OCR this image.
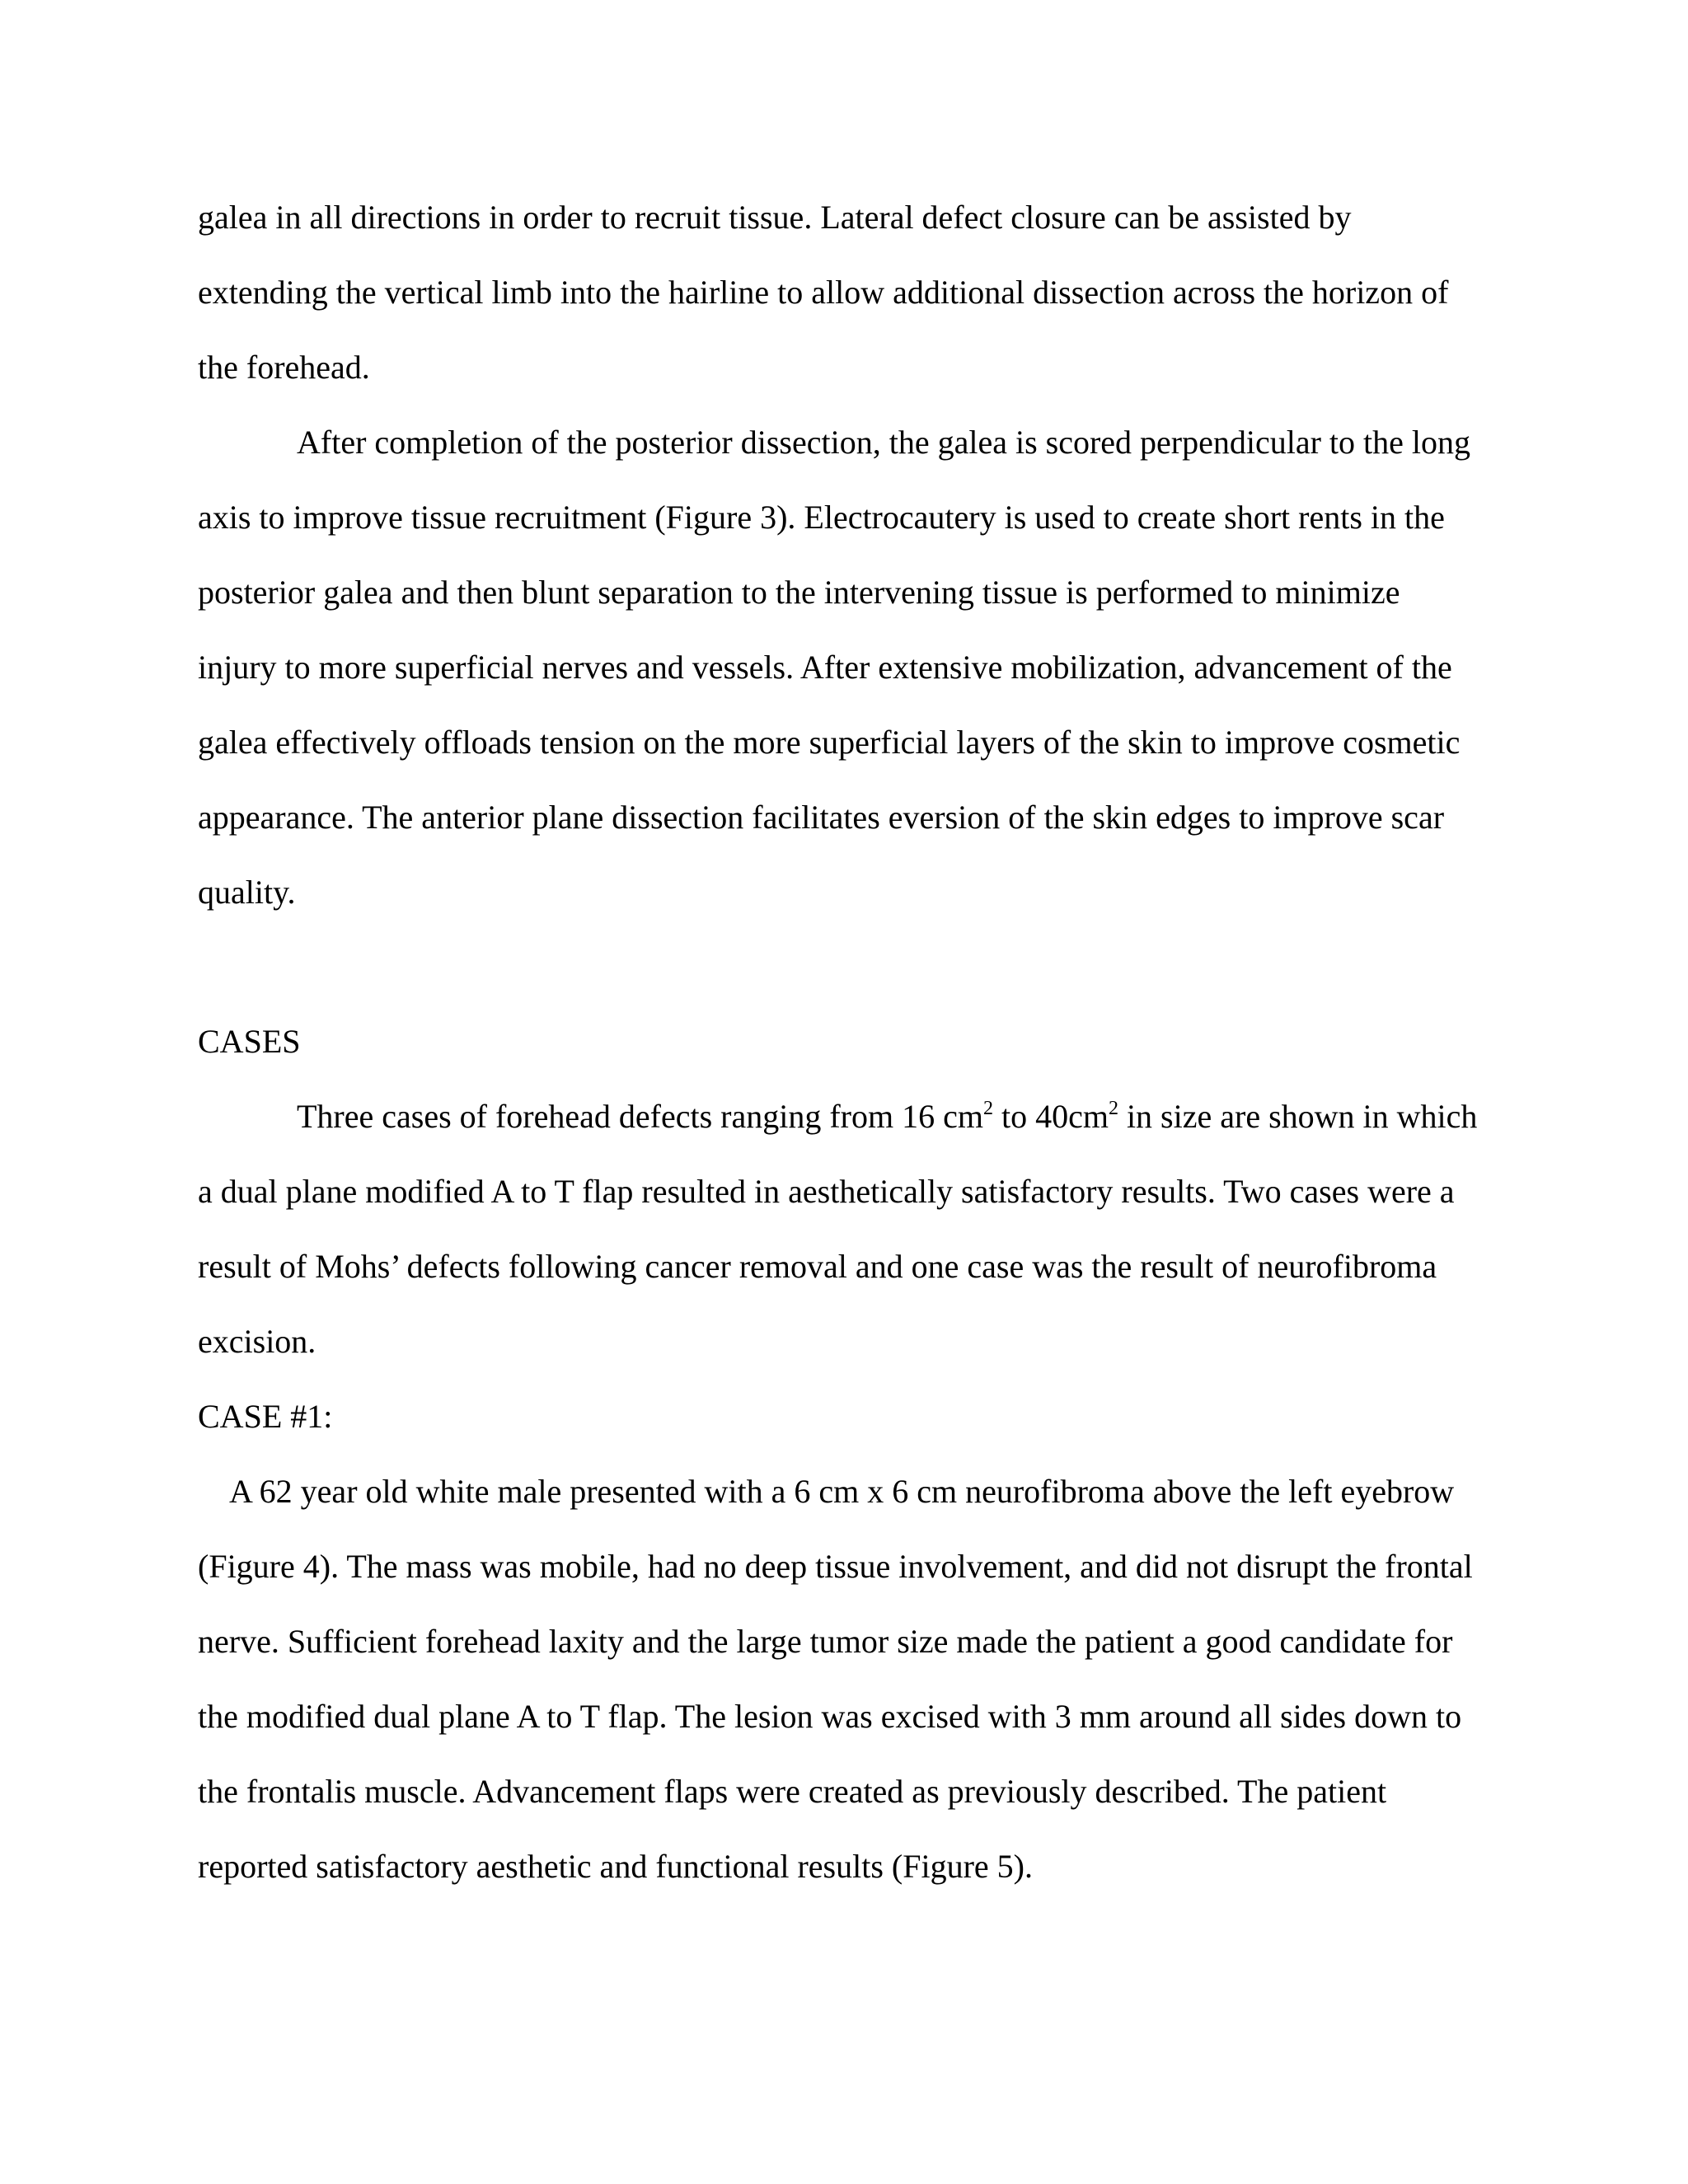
galea in all directions in order to recruit tissue. Lateral defect closure can be assisted by
extending the vertical limb into the hairline to allow additional dissection across the horizon of
the forehead.
After completion of the posterior dissection, the galea is scored perpendicular to the long
axis to improve tissue recruitment (Figure 3). Electrocautery is used to create short rents in the
posterior galea and then blunt separation to the intervening tissue is performed to minimize
injury to more superficial nerves and vessels. After extensive mobilization, advancement of the
galea effectively offloads tension on the more superficial layers of the skin to improve cosmetic
appearance. The anterior plane dissection facilitates eversion of the skin edges to improve scar
quality.
CASES
Three cases of forehead defects ranging from 16 $cm^2$ to $40cm^2$ in size are shown in which
a dual plane modified A to T flap resulted in aesthetically satisfactory results. Two cases were a
result of Mohs’ defects following cancer removal and one case was the result of neurofibroma
excision.
CASE #1:
A 62 year old white male presented with a 6 cm x 6 cm neurofibroma above the left eyebrow
(Figure 4). The mass was mobile, had no deep tissue involvement, and did not disrupt the frontal
nerve. Sufficient forehead laxity and the large tumor size made the patient a good candidate for
the modified dual plane A to T flap. The lesion was excised with 3 mm around all sides down to
the frontalis muscle. Advancement flaps were created as previously described. The patient
reported satisfactory aesthetic and functional results (Figure 5).
